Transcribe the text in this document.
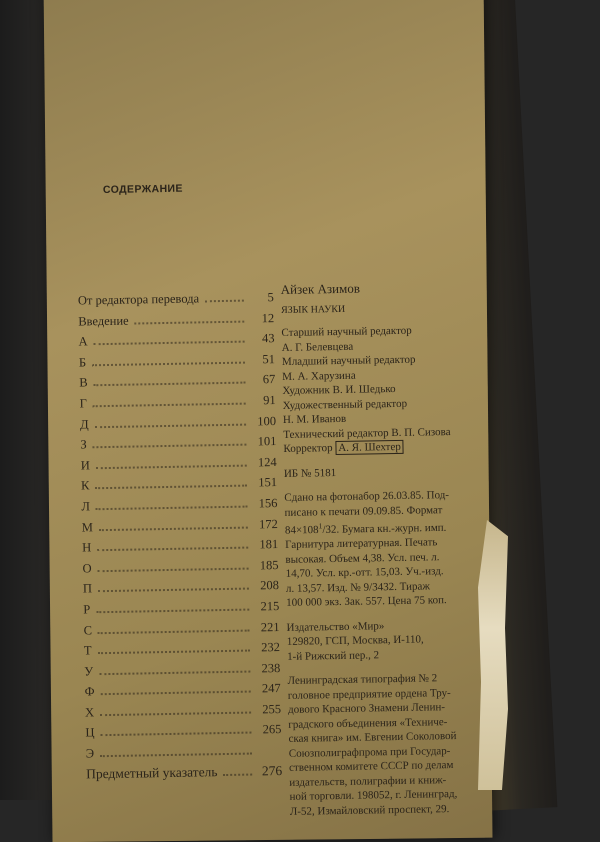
СОДЕРЖАНИЕ
От редактора перевода	5
Введение	12
А	43
Б	51
В	67
Г	91
Д	100
З	101
И	124
К	151
Л	156
М	172
Н	181
О	185
П	208
Р	215
С	221
Т	232
У	238
Ф	247
Х	255
Ц	265
Э
Предметный указатель	276
Айзек Азимов
ЯЗЫК НАУКИ
Старший научный редактор
А. Г. Белевцева
Младший научный редактор
М. А. Харузина
Художник В. И. Шедько
Художественный редактор
Н. М. Иванов
Технический редактор В. П. Сизова
Корректор А. Я. Шехтер
ИБ № 5181
Сдано на фотонабор 26.03.85. Под-
писано к печати 09.09.85. Формат
$84\times 108^1/32$. Бумага кн.-журн. имп.
Гарнитура литературная. Печать
высокая. Объем 4,38. Усл. печ. л.
14,70. Усл. кр.-отт. 15,03. Уч.-изд.
л. 13,57. Изд. № 9/3432. Тираж
100 000 экз. Зак. 557. Цена 75 коп.
Издательство «Мир»
129820, ГСП, Москва, И-110,
1-й Рижский пер., 2
Ленинградская типография № 2
головное предприятие ордена Тру-
дового Красного Знамени Ленин-
градского объединения «Техниче-
ская книга» им. Евгении Соколовой
Союзполиграфпрома при Государ-
ственном комитете СССР по делам
издательств, полиграфии и книж-
ной торговли. 198052, г. Ленинград,
Л-52, Измайловский проспект, 29.
